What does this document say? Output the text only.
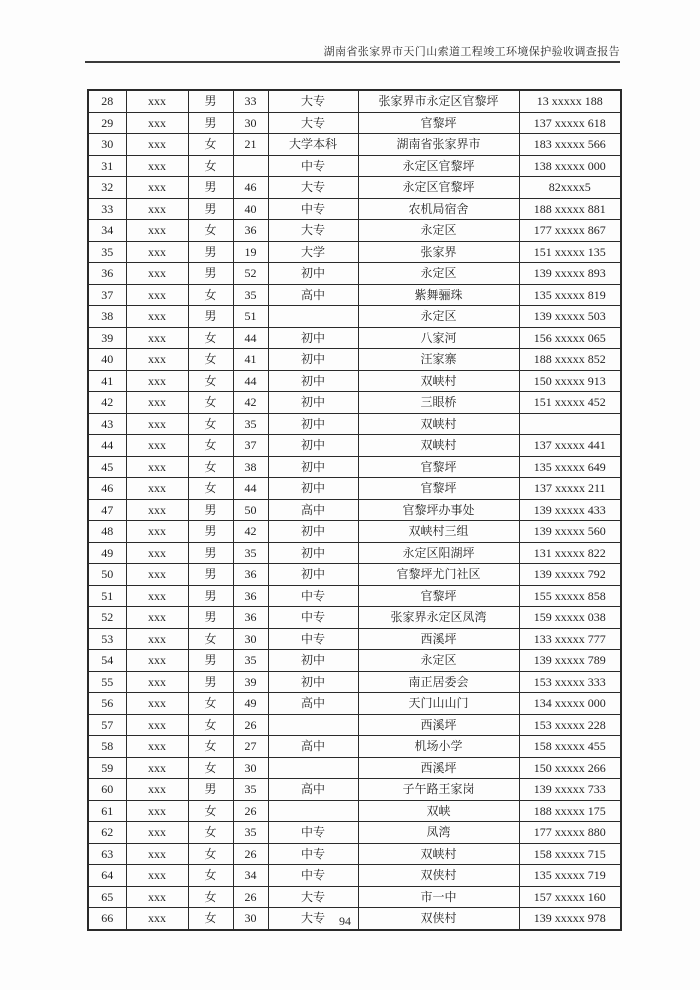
湖南省张家界市天门山索道工程竣工环境保护验收调查报告
28	xxx	男	33	大专	张家界市永定区官黎坪	13 xxxxx 188
29	xxx	男	30	大专	官黎坪	137 xxxxx 618
30	xxx	女	21	大学本科	湖南省张家界市	183 xxxxx 566
31	xxx	女		中专	永定区官黎坪	138 xxxxx 000
32	xxx	男	46	大专	永定区官黎坪	82xxxx5
33	xxx	男	40	中专	农机局宿舍	188 xxxxx 881
34	xxx	女	36	大专	永定区	177 xxxxx 867
35	xxx	男	19	大学	张家界	151 xxxxx 135
36	xxx	男	52	初中	永定区	139 xxxxx 893
37	xxx	女	35	高中	紫舞骊珠	135 xxxxx 819
38	xxx	男	51		永定区	139 xxxxx 503
39	xxx	女	44	初中	八家河	156 xxxxx 065
40	xxx	女	41	初中	汪家寨	188 xxxxx 852
41	xxx	女	44	初中	双峡村	150 xxxxx 913
42	xxx	女	42	初中	三眼桥	151 xxxxx 452
43	xxx	女	35	初中	双峡村	
44	xxx	女	37	初中	双峡村	137 xxxxx 441
45	xxx	女	38	初中	官黎坪	135 xxxxx 649
46	xxx	女	44	初中	官黎坪	137 xxxxx 211
47	xxx	男	50	高中	官黎坪办事处	139 xxxxx 433
48	xxx	男	42	初中	双峡村三组	139 xxxxx 560
49	xxx	男	35	初中	永定区阳湖坪	131 xxxxx 822
50	xxx	男	36	初中	官黎坪尤门社区	139 xxxxx 792
51	xxx	男	36	中专	官黎坪	155 xxxxx 858
52	xxx	男	36	中专	张家界永定区凤湾	159 xxxxx 038
53	xxx	女	30	中专	西溪坪	133 xxxxx 777
54	xxx	男	35	初中	永定区	139 xxxxx 789
55	xxx	男	39	初中	南正居委会	153 xxxxx 333
56	xxx	女	49	高中	天门山山门	134 xxxxx 000
57	xxx	女	26		西溪坪	153 xxxxx 228
58	xxx	女	27	高中	机场小学	158 xxxxx 455
59	xxx	女	30		西溪坪	150 xxxxx 266
60	xxx	男	35	高中	子午路王家岗	139 xxxxx 733
61	xxx	女	26		双峡	188 xxxxx 175
62	xxx	女	35	中专	凤湾	177 xxxxx 880
63	xxx	女	26	中专	双峡村	158 xxxxx 715
64	xxx	女	34	中专	双侠村	135 xxxxx 719
65	xxx	女	26	大专	市一中	157 xxxxx 160
66	xxx	女	30	大专	双侠村	139 xxxxx 978
94
